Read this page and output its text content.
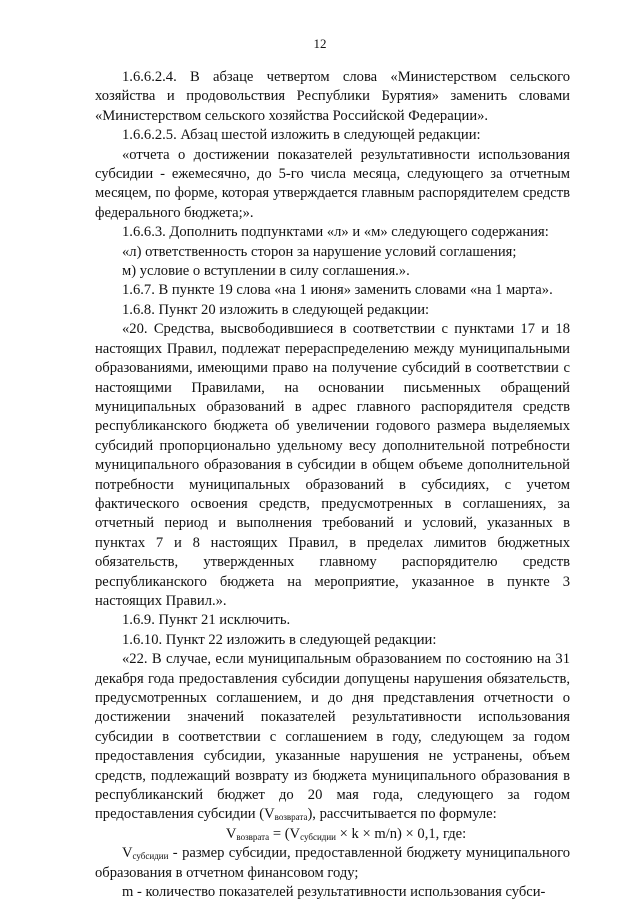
12

1.6.6.2.4. В абзаце четвертом слова «Министерством сельского хозяйства и продовольствия Республики Бурятия» заменить словами «Министерством сельского хозяйства Российской Федерации».

1.6.6.2.5. Абзац шестой изложить в следующей редакции:

«отчета о достижении показателей результативности использования субсидии - ежемесячно, до 5-го числа месяца, следующего за отчетным месяцем, по форме, которая утверждается главным распорядителем средств федерального бюджета;».

1.6.6.3. Дополнить подпунктами «л» и «м» следующего содержания:

«л) ответственность сторон за нарушение условий соглашения;

м) условие о вступлении в силу соглашения.».

1.6.7. В пункте 19 слова «на 1 июня» заменить словами «на 1 марта».

1.6.8. Пункт 20 изложить в следующей редакции:

«20. Средства, высвободившиеся в соответствии с пунктами 17 и 18 настоящих Правил, подлежат перераспределению между муниципальными образованиями, имеющими право на получение субсидий в соответствии с настоящими Правилами, на основании письменных обращений муниципальных образований в адрес главного распорядителя средств республиканского бюджета об увеличении годового размера выделяемых субсидий пропорционально удельному весу дополнительной потребности муниципального образования в субсидии в общем объеме дополнительной потребности муниципальных образований в субсидиях, с учетом фактического освоения средств, предусмотренных в соглашениях, за отчетный период и выполнения требований и условий, указанных в пунктах 7 и 8 настоящих Правил, в пределах лимитов бюджетных обязательств, утвержденных главному распорядителю средств республиканского бюджета на мероприятие, указанное в пункте 3 настоящих Правил.».

1.6.9. Пункт 21 исключить.

1.6.10. Пункт 22 изложить в следующей редакции:

«22. В случае, если муниципальным образованием по состоянию на 31 декабря года предоставления субсидии допущены нарушения обязательств, предусмотренных соглашением, и до дня представления отчетности о достижении значений показателей результативности использования субсидии в соответствии с соглашением в году, следующем за годом предоставления субсидии, указанные нарушения не устранены, объем средств, подлежащий возврату из бюджета муниципального образования в республиканский бюджет до 20 мая года, следующего за годом предоставления субсидии $(V_{возврата})$, рассчитывается по формуле:

$V_{возврата} = (V_{субсидии} \times k \times m/n) \times 0,1$, где:

$V_{субсидии}$ - размер субсидии, предоставленной бюджету муниципального образования в отчетном финансовом году;

m - количество показателей результативности использования субси-
